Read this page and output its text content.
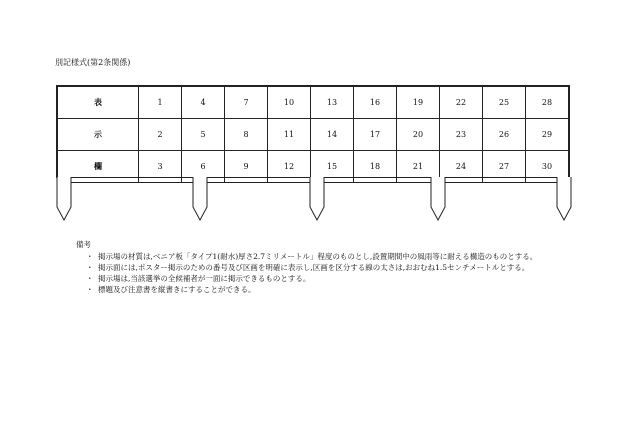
別記様式(第2条関係)
表	1	4	7	10	13	16	19	22	25	28
示	2	5	8	11	14	17	20	23	26	29
欄	3	6	9	12	15	18	21	24	27	30
備考
・ 掲示場の材質は,ベニア板「タイプ1(耐水)厚さ2.7ミリメートル」程度のものとし,設置期間中の風雨等に耐える構造のものとする。
・ 掲示面には,ポスター掲示のための番号及び区画を明確に表示し,区画を区分する線の太さは,おおむね1.5センチメートルとする。
・ 掲示場は,当該選挙の全候補者が一面に掲示できるものとする。
・ 標題及び注意書を縦書きにすることができる。
